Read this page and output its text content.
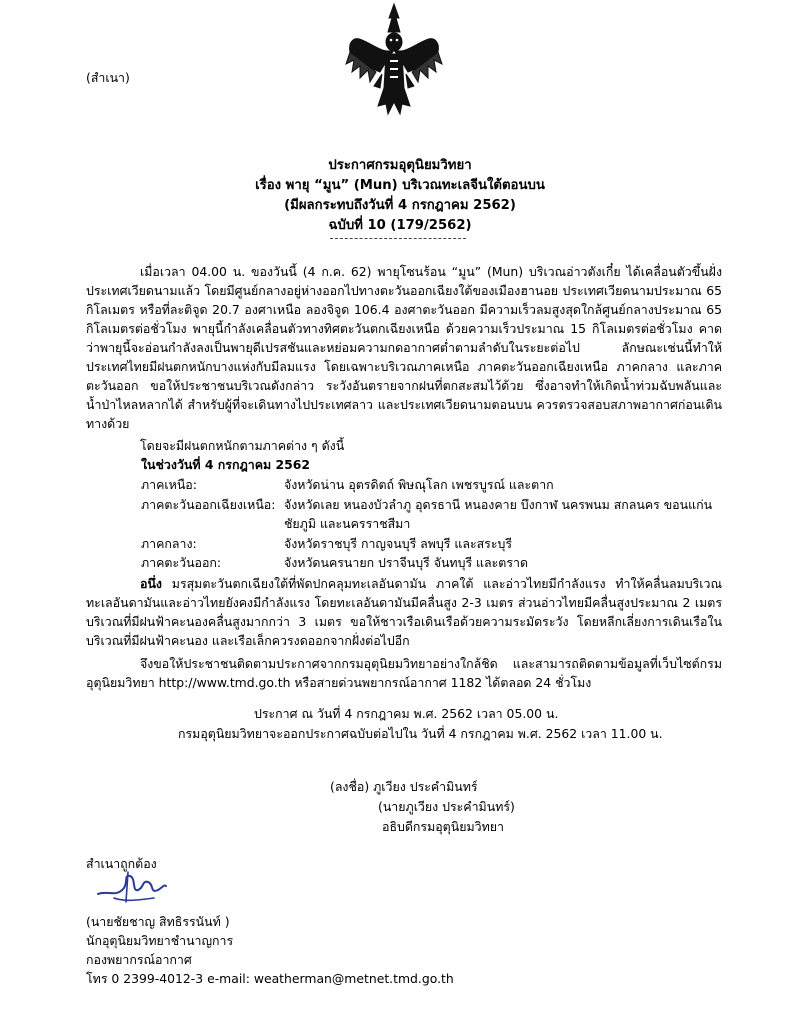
(สำเนา)
ประกาศกรมอุตุนิยมวิทยา
เรื่อง พายุ “มูน” (Mun) บริเวณทะเลจีนใต้ตอนบน
(มีผลกระทบถึงวันที่ 4 กรกฎาคม 2562)
ฉบับที่ 10 (179/2562)
เมื่อเวลา 04.00 น. ของวันนี้ (4 ก.ค. 62) พายุโซนร้อน “มูน” (Mun) บริเวณอ่าวตังเกี๋ย ได้เคลื่อนตัวขึ้นฝั่งประเทศเวียดนามแล้ว โดยมีศูนย์กลางอยู่ห่างออกไปทางตะวันออกเฉียงใต้ของเมืองฮานอย ประเทศเวียดนามประมาณ 65 กิโลเมตร หรือที่ละติจูด 20.7 องศาเหนือ ลองจิจูด 106.4 องศาตะวันออก มีความเร็วลมสูงสุดใกล้ศูนย์กลางประมาณ 65 กิโลเมตรต่อชั่วโมง พายุนี้กำลังเคลื่อนตัวทางทิศตะวันตกเฉียงเหนือ ด้วยความเร็วประมาณ 15 กิโลเมตรต่อชั่วโมง คาดว่าพายุนี้จะอ่อนกำลังลงเป็นพายุดีเปรสชันและหย่อมความกดอากาศต่ำตามลำดับในระยะต่อไป ลักษณะเช่นนี้ทำให้ประเทศไทยมีฝนตกหนักบางแห่งกับมีลมแรง โดยเฉพาะบริเวณภาคเหนือ ภาคตะวันออกเฉียงเหนือ ภาคกลาง และภาคตะวันออก ขอให้ประชาชนบริเวณดังกล่าว ระวังอันตรายจากฝนที่ตกสะสมไว้ด้วย ซึ่งอาจทำให้เกิดน้ำท่วมฉับพลันและน้ำป่าไหลหลากได้ สำหรับผู้ที่จะเดินทางไปประเทศลาว และประเทศเวียดนามตอนบน ควรตรวจสอบสภาพอากาศก่อนเดินทางด้วย
โดยจะมีฝนตกหนักตามภาคต่าง ๆ ดังนี้
ในช่วงวันที่ 4 กรกฎาคม 2562
ภาคเหนือ:	จังหวัดน่าน อุตรดิตถ์ พิษณุโลก เพชรบูรณ์ และตาก
ภาคตะวันออกเฉียงเหนือ: จังหวัดเลย หนองบัวลำภู อุดรธานี หนองคาย บึงกาฬ นครพนม สกลนคร ขอนแก่น
ชัยภูมิ และนครราชสีมา
ภาคกลาง:	จังหวัดราชบุรี กาญจนบุรี ลพบุรี และสระบุรี
ภาคตะวันออก:	จังหวัดนครนายก ปราจีนบุรี จันทบุรี และตราด
อนึ่ง มรสุมตะวันตกเฉียงใต้ที่พัดปกคลุมทะเลอันดามัน ภาคใต้ และอ่าวไทยมีกำลังแรง ทำให้คลื่นลมบริเวณทะเลอันดามันและอ่าวไทยยังคงมีกำลังแรง โดยทะเลอันดามันมีคลื่นสูง 2-3 เมตร ส่วนอ่าวไทยมีคลื่นสูงประมาณ 2 เมตร บริเวณที่มีฝนฟ้าคะนองคลื่นสูงมากกว่า 3 เมตร ขอให้ชาวเรือเดินเรือด้วยความระมัดระวัง โดยหลีกเลี่ยงการเดินเรือในบริเวณที่มีฝนฟ้าคะนอง และเรือเล็กควรงดออกจากฝั่งต่อไปอีก
จึงขอให้ประชาชนติดตามประกาศจากกรมอุตุนิยมวิทยาอย่างใกล้ชิด และสามารถติดตามข้อมูลที่เว็บไซต์กรมอุตุนิยมวิทยา http://www.tmd.go.th หรือสายด่วนพยากรณ์อากาศ 1182 ได้ตลอด 24 ชั่วโมง
ประกาศ ณ วันที่ 4 กรกฎาคม พ.ศ. 2562 เวลา 05.00 น.
กรมอุตุนิยมวิทยาจะออกประกาศฉบับต่อไปใน วันที่ 4 กรกฎาคม พ.ศ. 2562 เวลา 11.00 น.
(ลงชื่อ) ภูเวียง ประคำมินทร์
(นายภูเวียง ประคำมินทร์)
อธิบดีกรมอุตุนิยมวิทยา
สำเนาถูกต้อง
(นายชัยชาญ สิทธิรรนันท์ )
นักอุตุนิยมวิทยาชำนาญการ
กองพยากรณ์อากาศ
โทร 0 2399-4012-3 e-mail: weatherman@metnet.tmd.go.th
